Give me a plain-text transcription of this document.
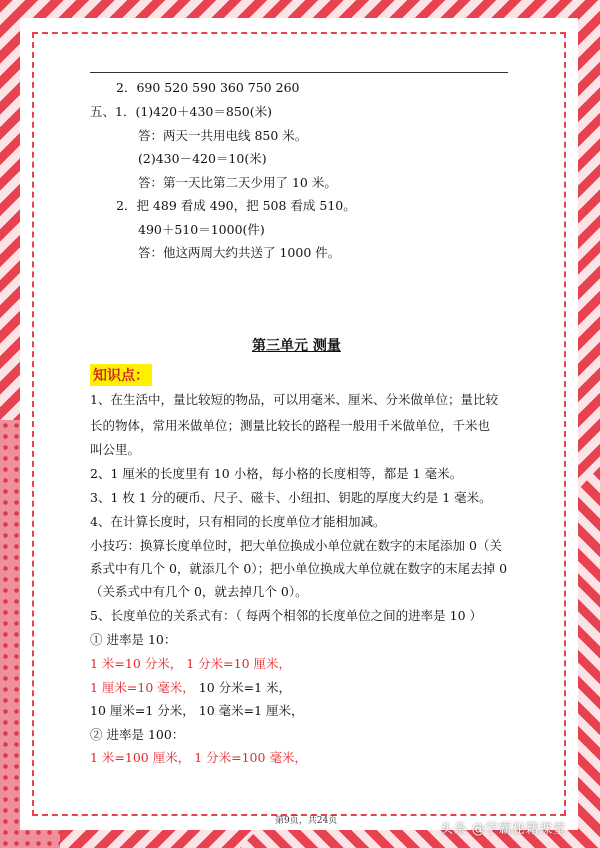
2．690 520 590 360 750 260
五、1．(1)420＋430＝850(米)
答：两天一共用电线 850 米。
(2)430－420＝10(米)
答：第一天比第二天少用了 10 米。
2．把 489 看成 490，把 508 看成 510。
490＋510＝1000(件)
答：他这两周大约共送了 1000 件。
第三单元 测量
知识点：
1、在生活中，量比较短的物品，可以用毫米、厘米、分米做单位；量比较
长的物体，常用米做单位；测量比较长的路程一般用千米做单位，千米也
叫公里。
2、1 厘米的长度里有 10 小格，每小格的长度相等，都是 1 毫米。
3、1 枚 1 分的硬币、尺子、磁卡、小纽扣、钥匙的厚度大约是 1 毫米。
4、在计算长度时，只有相同的长度单位才能相加减。
小技巧：换算长度单位时，把大单位换成小单位就在数字的末尾添加 0（关
系式中有几个 0，就添几个 0）；把小单位换成大单位就在数字的末尾去掉 0
（关系式中有几个 0，就去掉几个 0）。
5、长度单位的关系式有：（ 每两个相邻的长度单位之间的进率是 10 ）
① 进率是 10：
1 米=10 分米， 1 分米=10 厘米，
1 厘米=10 毫米， 10 分米=1 米，
10 厘米=1 分米， 10 毫米=1 厘米，
② 进率是 100：
1 米=100 厘米， 1 分米=100 毫米，
第9页，共24页
头条 @学霸秘籍课堂
